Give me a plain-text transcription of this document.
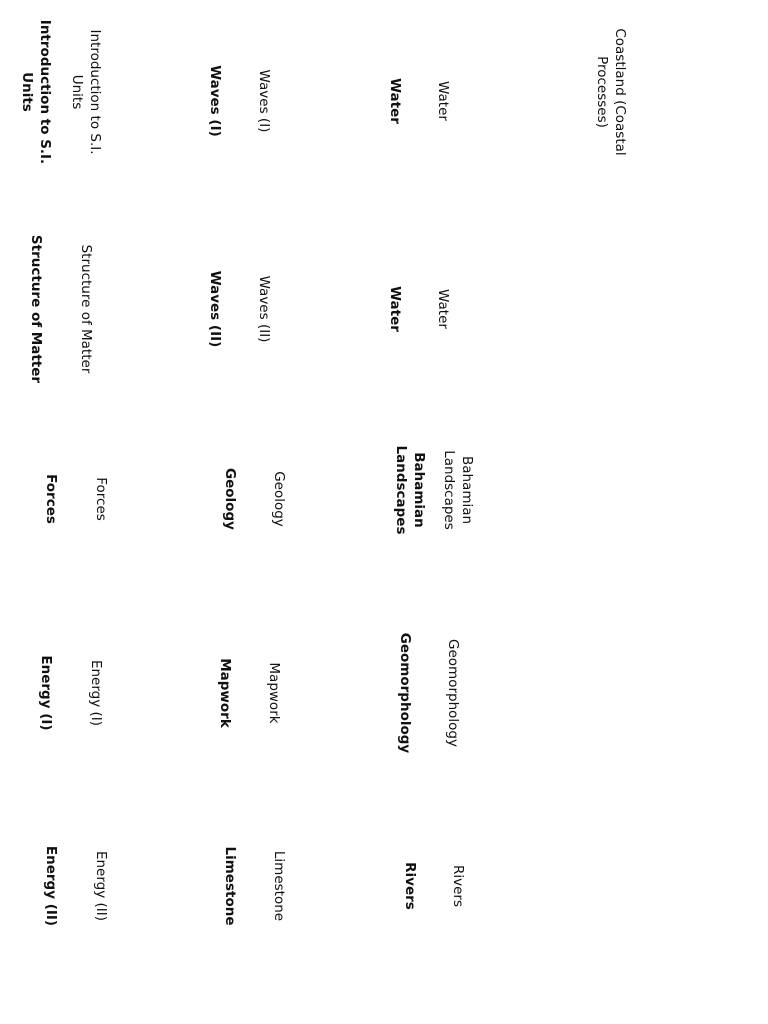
Coastland (Coastal Processes)
Water
Water
Bahamian Landscapes
Geomorphology
Rivers
Water
Water
Bahamian Landscapes
Geomorphology
Rivers
Waves (I)
Waves (II)
Geology
Mapwork
Limestone
Waves (I)
Waves (II)
Geology
Mapwork
Limestone
Introduction to S.I. Units
Structure of Matter
Forces
Energy (I)
Energy (II)
Introduction to S.I. Units
Structure of Matter
Forces
Energy (I)
Energy (II)
